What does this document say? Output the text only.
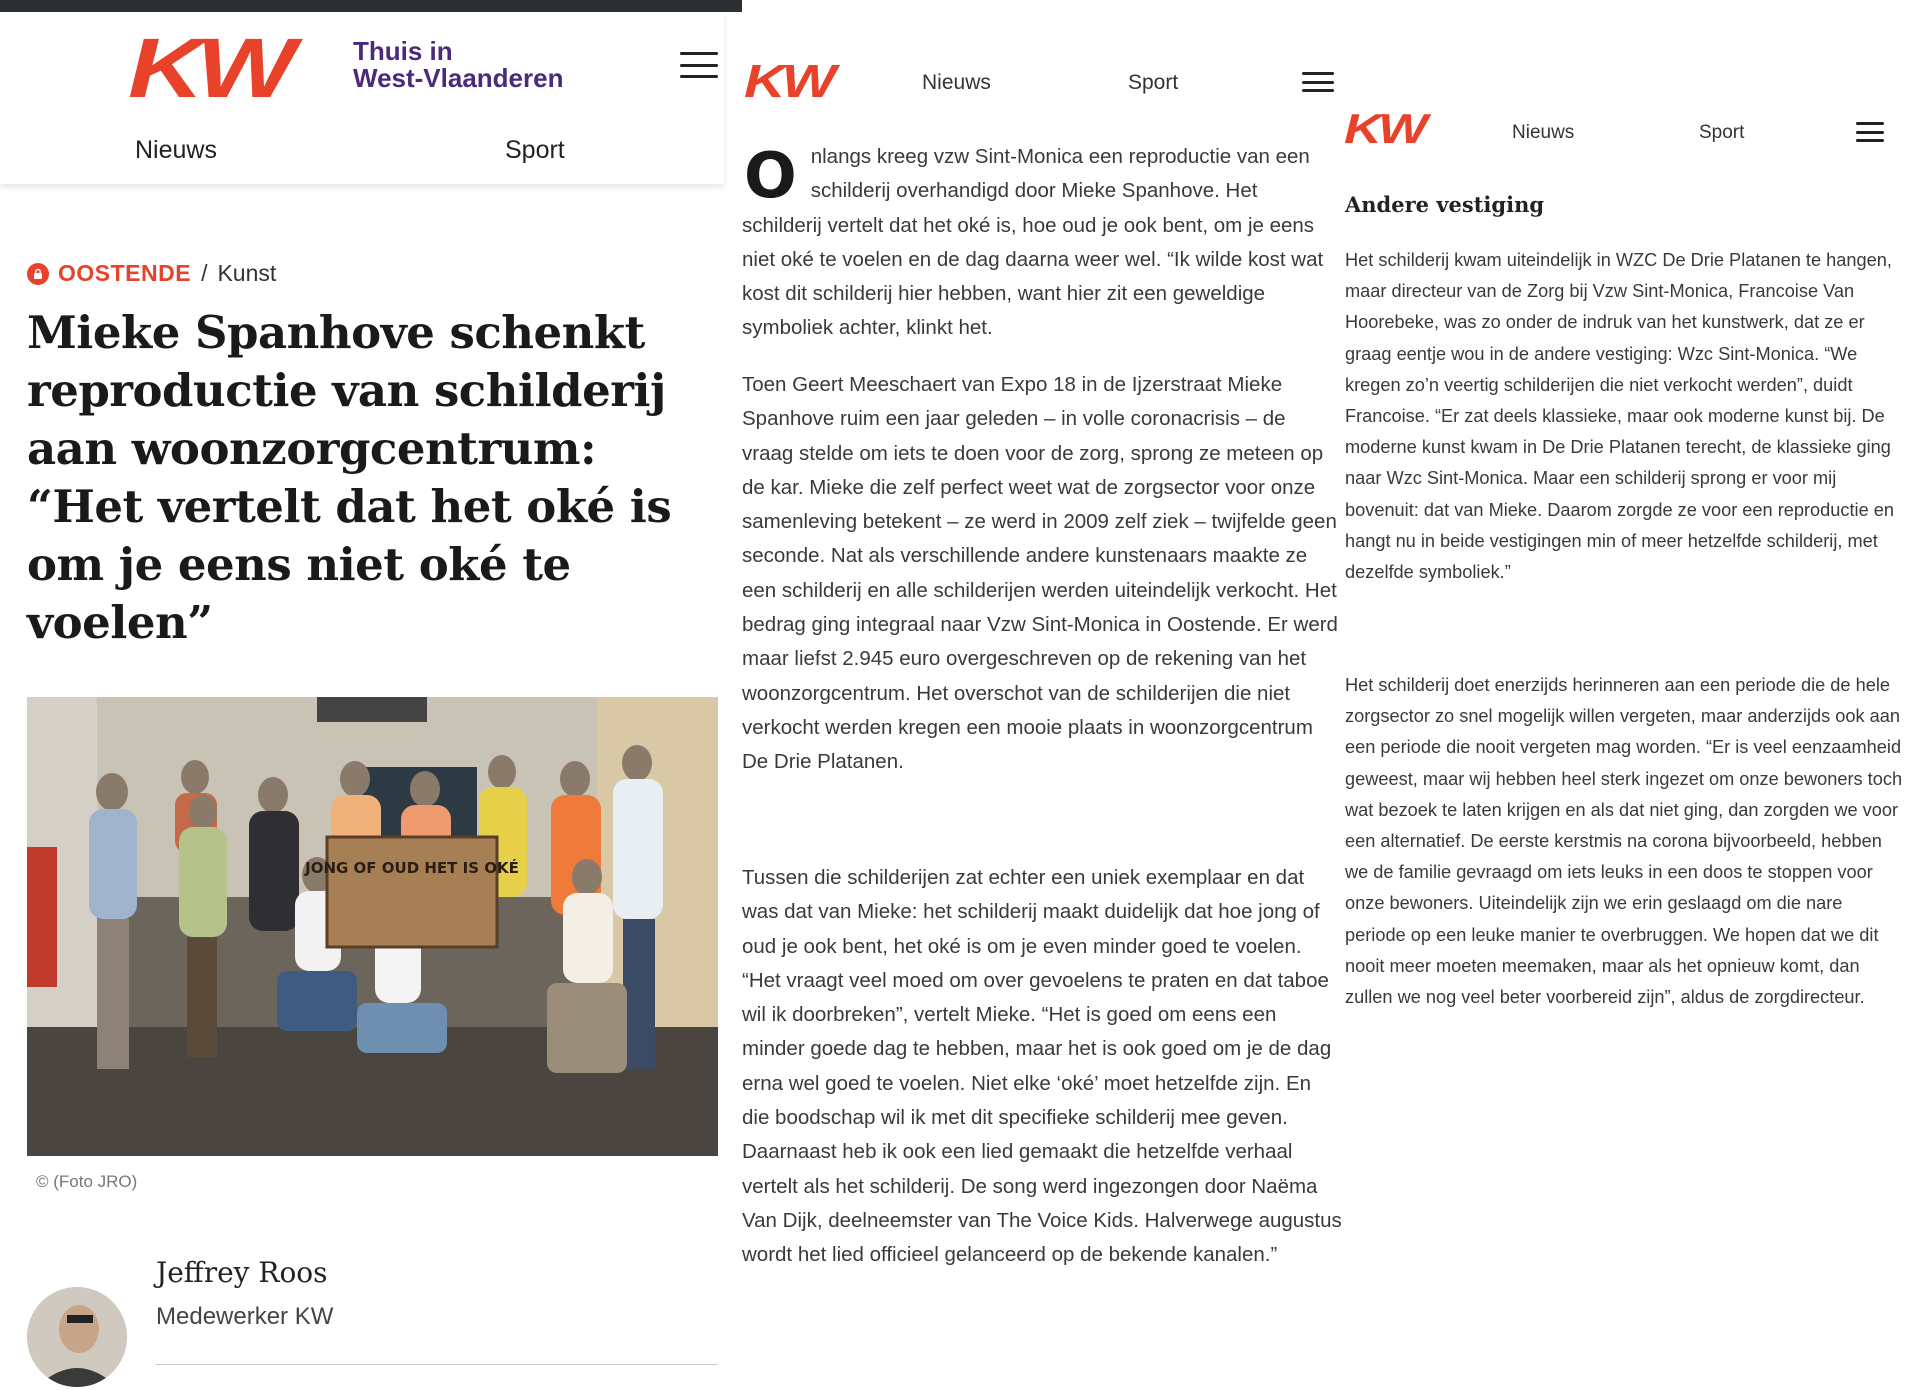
KW	Thuis in
West-Vlaanderen
Nieuws	Sport
OOSTENDE / Kunst
Mieke Spanhove schenkt reproductie van schilderij aan woonzorgcentrum: “Het vertelt dat het oké is om je eens niet oké te voelen”
JONG OF OUD HET IS OKÉ
© (Foto JRO)
Jeffrey Roos
Medewerker KW
KW	Nieuws	Sport

Onlangs kreeg vzw Sint-Monica een reproductie van een schilderij overhandigd door Mieke Spanhove. Het schilderij vertelt dat het oké is, hoe oud je ook bent, om je eens niet oké te voelen en de dag daarna weer wel. “Ik wilde kost wat kost dit schilderij hier hebben, want hier zit een geweldige symboliek achter, klinkt het.

Toen Geert Meeschaert van Expo 18 in de Ijzerstraat Mieke Spanhove ruim een jaar geleden – in volle coronacrisis – de vraag stelde om iets te doen voor de zorg, sprong ze meteen op de kar. Mieke die zelf perfect weet wat de zorgsector voor onze samenleving betekent – ze werd in 2009 zelf ziek – twijfelde geen seconde. Nat als verschillende andere kunstenaars maakte ze een schilderij en alle schilderijen werden uiteindelijk verkocht. Het bedrag ging integraal naar Vzw Sint-Monica in Oostende. Er werd maar liefst 2.945 euro overgeschreven op de rekening van het woonzorgcentrum. Het overschot van de schilderijen die niet verkocht werden kregen een mooie plaats in woonzorgcentrum De Drie Platanen.

Tussen die schilderijen zat echter een uniek exemplaar en dat was dat van Mieke: het schilderij maakt duidelijk dat hoe jong of oud je ook bent, het oké is om je even minder goed te voelen. “Het vraagt veel moed om over gevoelens te praten en dat taboe wil ik doorbreken”, vertelt Mieke. “Het is goed om eens een minder goede dag te hebben, maar het is ook goed om je de dag erna wel goed te voelen. Niet elke ‘oké’ moet hetzelfde zijn. En die boodschap wil ik met dit specifieke schilderij mee geven. Daarnaast heb ik ook een lied gemaakt die hetzelfde verhaal vertelt als het schilderij. De song werd ingezongen door Naëma Van Dijk, deelneemster van The Voice Kids. Halverwege augustus wordt het lied officieel gelanceerd op de bekende kanalen.”

KW	Nieuws	Sport
Andere vestiging

Het schilderij kwam uiteindelijk in WZC De Drie Platanen te hangen, maar directeur van de Zorg bij Vzw Sint-Monica, Francoise Van Hoorebeke, was zo onder de indruk van het kunstwerk, dat ze er graag eentje wou in de andere vestiging: Wzc Sint-Monica. “We kregen zo’n veertig schilderijen die niet verkocht werden”, duidt Francoise. “Er zat deels klassieke, maar ook moderne kunst bij. De moderne kunst kwam in De Drie Platanen terecht, de klassieke ging naar Wzc Sint-Monica. Maar een schilderij sprong er voor mij bovenuit: dat van Mieke. Daarom zorgde ze voor een reproductie en hangt nu in beide vestigingen min of meer hetzelfde schilderij, met dezelfde symboliek.”

Het schilderij doet enerzijds herinneren aan een periode die de hele zorgsector zo snel mogelijk willen vergeten, maar anderzijds ook aan een periode die nooit vergeten mag worden. “Er is veel eenzaamheid geweest, maar wij hebben heel sterk ingezet om onze bewoners toch wat bezoek te laten krijgen en als dat niet ging, dan zorgden we voor een alternatief. De eerste kerstmis na corona bijvoorbeeld, hebben we de familie gevraagd om iets leuks in een doos te stoppen voor onze bewoners. Uiteindelijk zijn we erin geslaagd om die nare periode op een leuke manier te overbruggen. We hopen dat we dit nooit meer moeten meemaken, maar als het opnieuw komt, dan zullen we nog veel beter voorbereid zijn”, aldus de zorgdirecteur.
